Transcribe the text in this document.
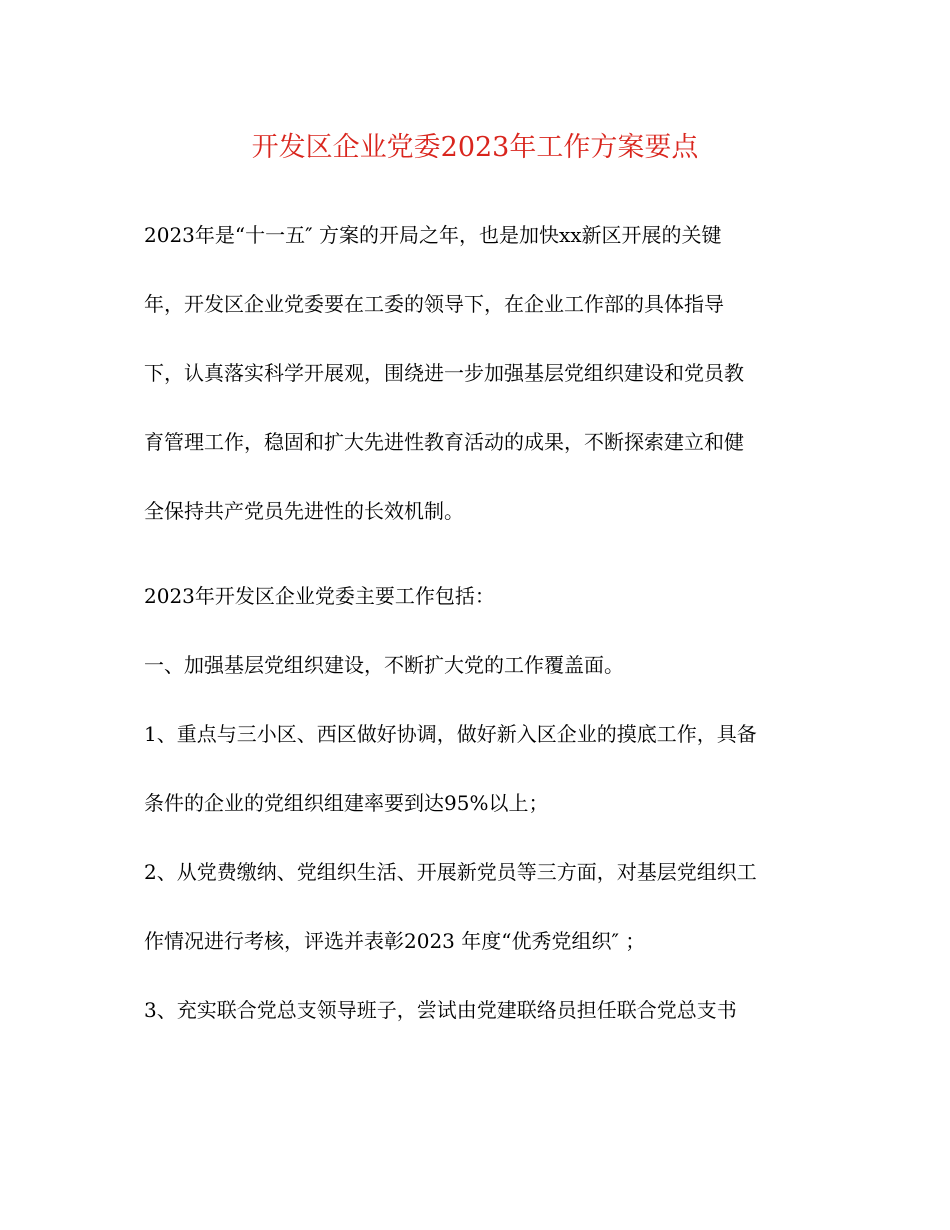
开发区企业党委2023年工作方案要点
2023年是“十一五″ 方案的开局之年，也是加快xx新区开展的关键
年，开发区企业党委要在工委的领导下，在企业工作部的具体指导
下，认真落实科学开展观，围绕进一步加强基层党组织建设和党员教
育管理工作，稳固和扩大先进性教育活动的成果，不断探索建立和健
全保持共产党员先进性的长效机制。
2023年开发区企业党委主要工作包括：
一、加强基层党组织建设，不断扩大党的工作覆盖面。
1、重点与三小区、西区做好协调，做好新入区企业的摸底工作，具备
条件的企业的党组织组建率要到达95%以上；
2、从党费缴纳、党组织生活、开展新党员等三方面，对基层党组织工
作情况进行考核，评选并表彰2023 年度“优秀党组织″ ；
3、充实联合党总支领导班子，尝试由党建联络员担任联合党总支书
